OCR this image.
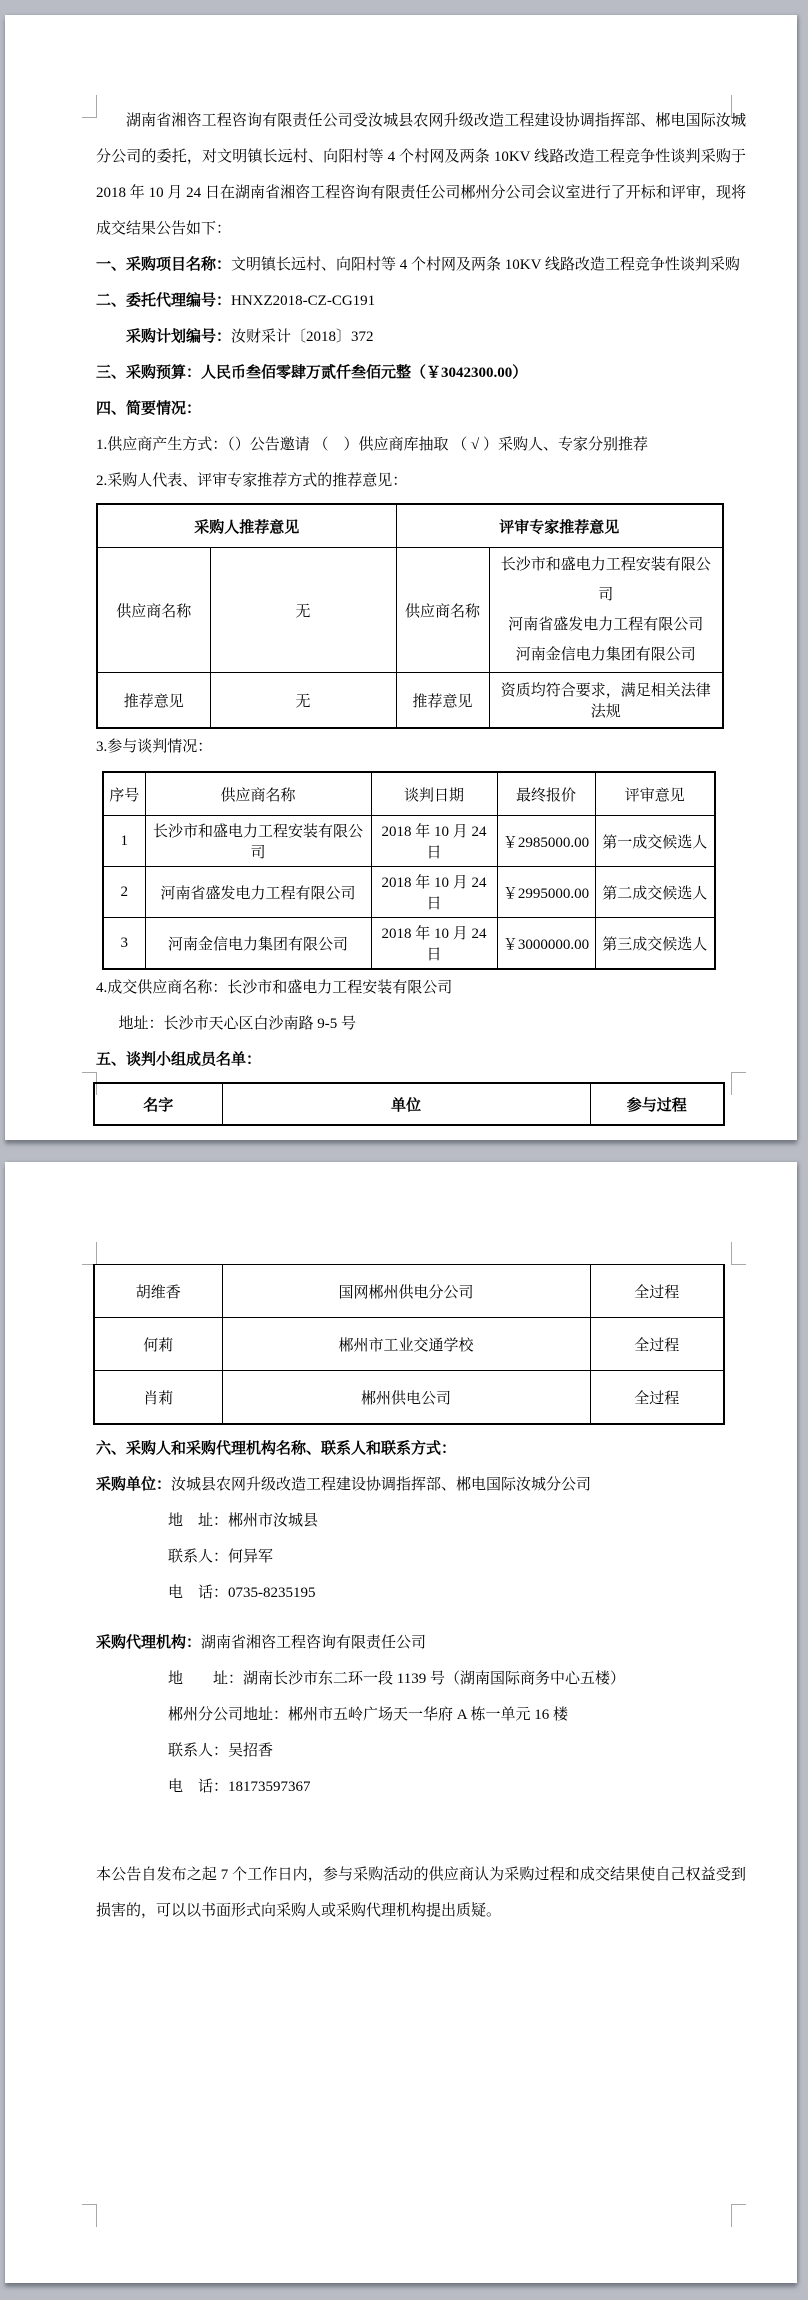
湖南省湘咨工程咨询有限责任公司受汝城县农网升级改造工程建设协调指挥部、郴电国际汝城分公司的委托，对文明镇长远村、向阳村等 4 个村网及两条 10KV 线路改造工程竞争性谈判采购于 2018 年 10 月 24 日在湖南省湘咨工程咨询有限责任公司郴州分公司会议室进行了开标和评审，现将成交结果公告如下：

一、采购项目名称：文明镇长远村、向阳村等 4 个村网及两条 10KV 线路改造工程竞争性谈判采购

二、委托代理编号：HNXZ2018-CZ-CG191

采购计划编号：汝财采计〔2018〕372

三、采购预算：人民币叁佰零肆万贰仟叁佰元整（￥3042300.00）

四、简要情况：

1.供应商产生方式：（）公告邀请 （　）供应商库抽取 （ √ ）采购人、专家分别推荐

2.采购人代表、评审专家推荐方式的推荐意见：

采购人推荐意见		评审专家推荐意见	
供应商名称	无	供应商名称	长沙市和盛电力工程安装有限公司
河南省盛发电力工程有限公司
河南金信电力集团有限公司

推荐意见	无	推荐意见	资质均符合要求，满足相关法律法规

3.参与谈判情况：

序号	供应商名称	谈判日期	最终报价	评审意见
1	长沙市和盛电力工程安装有限公司	2018 年 10 月 24 日	￥2985000.00	第一成交候选人
2	河南省盛发电力工程有限公司	2018 年 10 月 24 日	￥2995000.00	第二成交候选人
3	河南金信电力集团有限公司	2018 年 10 月 24 日	￥3000000.00	第三成交候选人

4.成交供应商名称：长沙市和盛电力工程安装有限公司

地址：长沙市天心区白沙南路 9-5 号

五、谈判小组成员名单：

名字	单位	参与过程
胡维香	国网郴州供电分公司	全过程
何莉	郴州市工业交通学校	全过程
肖莉	郴州供电公司	全过程

六、采购人和采购代理机构名称、联系人和联系方式：

采购单位：汝城县农网升级改造工程建设协调指挥部、郴电国际汝城分公司

地　址：郴州市汝城县

联系人：何异军

电　话：0735-8235195

采购代理机构：湖南省湘咨工程咨询有限责任公司

地　　址：湖南长沙市东二环一段 1139 号（湖南国际商务中心五楼）

郴州分公司地址：郴州市五岭广场天一华府 A 栋一单元 16 楼

联系人：吴招香

电　话：18173597367

本公告自发布之起 7 个工作日内，参与采购活动的供应商认为采购过程和成交结果使自己权益受到损害的，可以以书面形式向采购人或采购代理机构提出质疑。
